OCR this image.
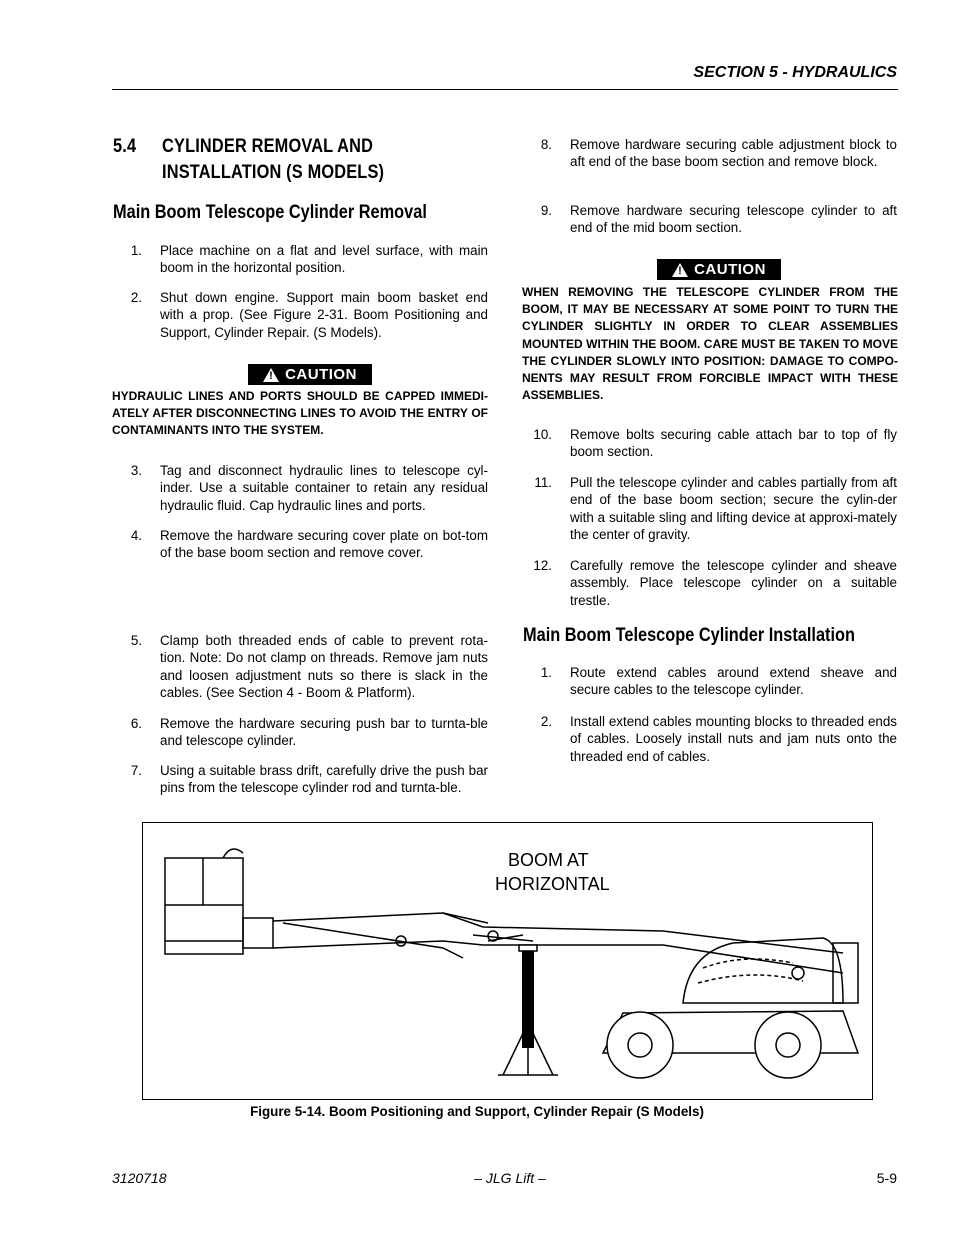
SECTION 5 - HYDRAULICS
5.4 CYLINDER REMOVAL AND
INSTALLATION (S MODELS)
Main Boom Telescope Cylinder Removal
1. Place machine on a flat and level surface, with main boom in the horizontal position.
2. Shut down engine. Support main boom basket end with a prop. (See Figure 2-31. Boom Positioning and Support, Cylinder Repair. (S Models).
! CAUTION
HYDRAULIC LINES AND PORTS SHOULD BE CAPPED IMMEDI-ATELY AFTER DISCONNECTING LINES TO AVOID THE ENTRY OF CONTAMINANTS INTO THE SYSTEM.
3. Tag and disconnect hydraulic lines to telescope cyl-inder. Use a suitable container to retain any residual hydraulic fluid. Cap hydraulic lines and ports.
4. Remove the hardware securing cover plate on bot-tom of the base boom section and remove cover.
5. Clamp both threaded ends of cable to prevent rota-tion. Note: Do not clamp on threads. Remove jam nuts and loosen adjustment nuts so there is slack in the cables. (See Section 4 - Boom & Platform).
6. Remove the hardware securing push bar to turnta-ble and telescope cylinder.
7. Using a suitable brass drift, carefully drive the push bar pins from the telescope cylinder rod and turnta-ble.
8. Remove hardware securing cable adjustment block to aft end of the base boom section and remove block.
9. Remove hardware securing telescope cylinder to aft end of the mid boom section.
! CAUTION
WHEN REMOVING THE TELESCOPE CYLINDER FROM THE BOOM, IT MAY BE NECESSARY AT SOME POINT TO TURN THE CYLINDER SLIGHTLY IN ORDER TO CLEAR ASSEMBLIES MOUNTED WITHIN THE BOOM. CARE MUST BE TAKEN TO MOVE THE CYLINDER SLOWLY INTO POSITION: DAMAGE TO COMPO-NENTS MAY RESULT FROM FORCIBLE IMPACT WITH THESE ASSEMBLIES.
10. Remove bolts securing cable attach bar to top of fly boom section.
11. Pull the telescope cylinder and cables partially from aft end of the base boom section; secure the cylin-der with a suitable sling and lifting device at approxi-mately the center of gravity.
12. Carefully remove the telescope cylinder and sheave assembly. Place telescope cylinder on a suitable trestle.
Main Boom Telescope Cylinder Installation
1. Route extend cables around extend sheave and secure cables to the telescope cylinder.
2. Install extend cables mounting blocks to threaded ends of cables. Loosely install nuts and jam nuts onto the threaded end of cables.
BOOM AT
HORIZONTAL
Figure 5-14. Boom Positioning and Support, Cylinder Repair (S Models)
3120718	– JLG Lift –	5-9
